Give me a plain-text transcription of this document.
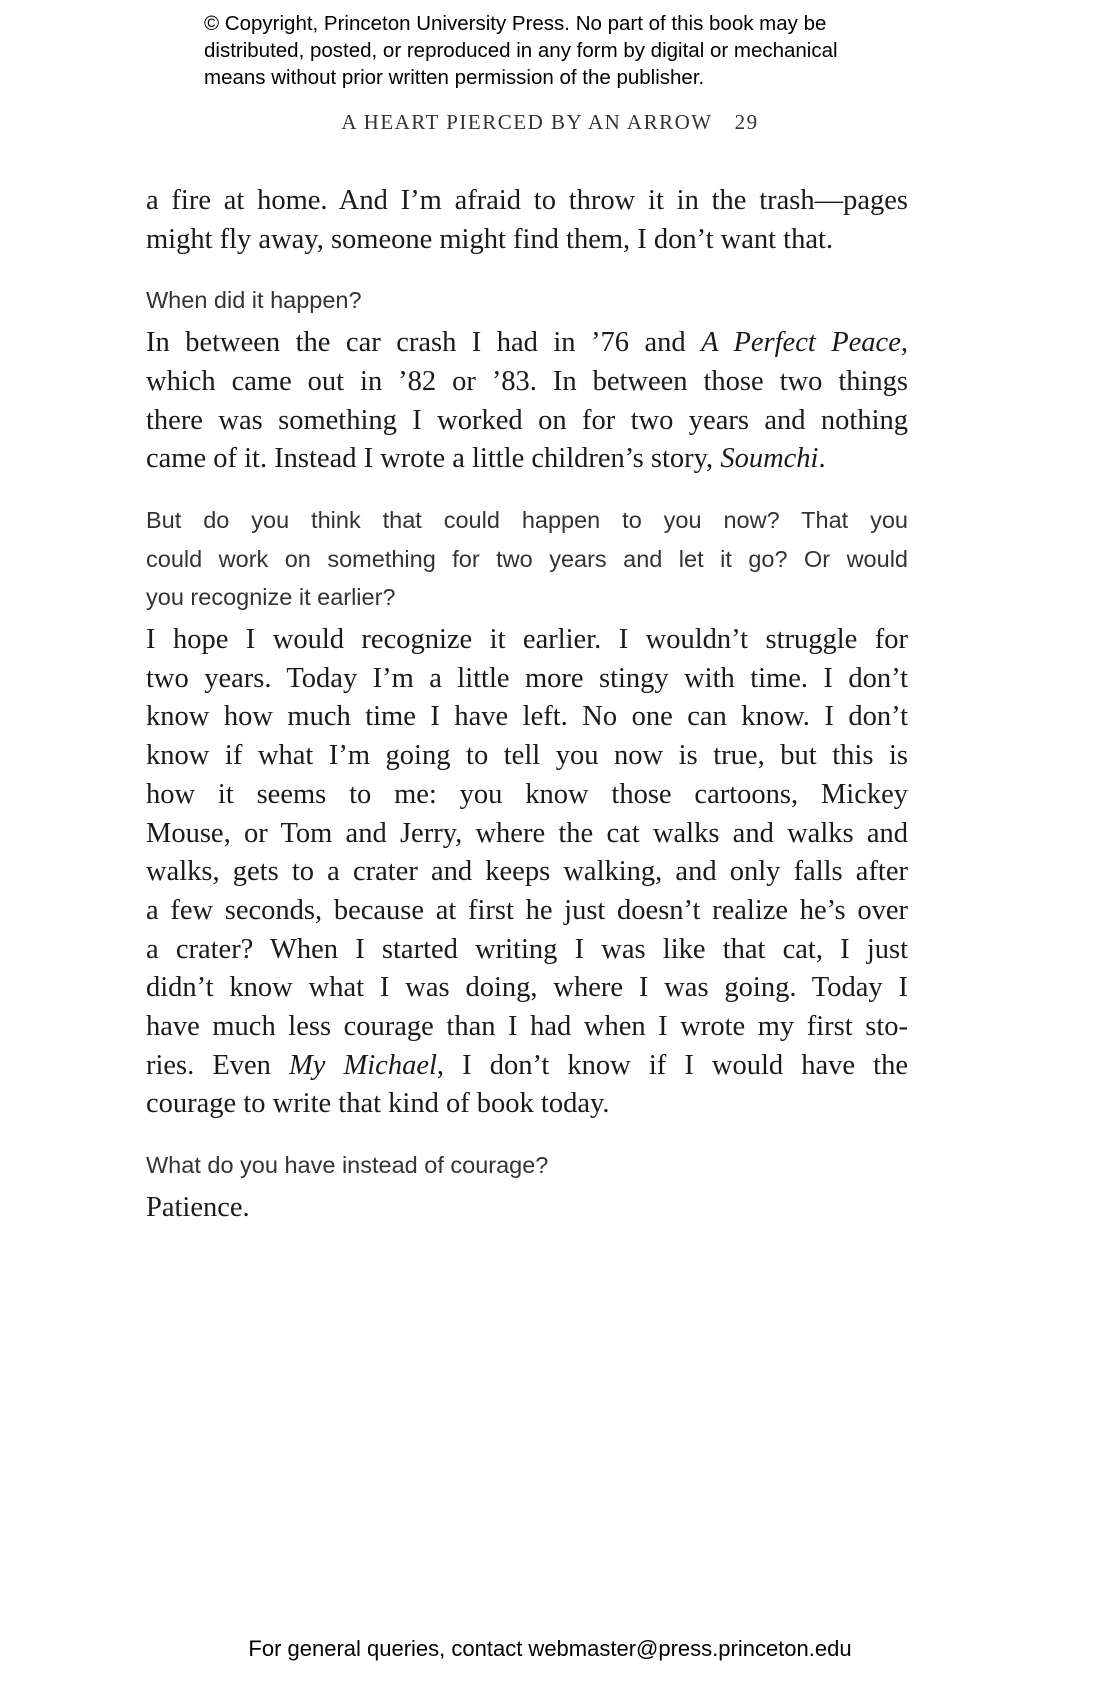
© Copyright, Princeton University Press. No part of this book may be
distributed, posted, or reproduced in any form by digital or mechanical
means without prior written permission of the publisher.
A HEART PIERCED BY AN ARROW 29
a fire at home. And I’m afraid to throw it in the trash—pages
might fly away, someone might find them, I don’t want that.
When did it happen?
In between the car crash I had in ’76 and A Perfect Peace,
which came out in ’82 or ’83. In between those two things
there was something I worked on for two years and nothing
came of it. Instead I wrote a little children’s story, Soumchi.
But do you think that could happen to you now? That you
could work on something for two years and let it go? Or would
you recognize it earlier?
I hope I would recognize it earlier. I wouldn’t struggle for
two years. Today I’m a little more stingy with time. I don’t
know how much time I have left. No one can know. I don’t
know if what I’m going to tell you now is true, but this is
how it seems to me: you know those cartoons, Mickey
Mouse, or Tom and Jerry, where the cat walks and walks and
walks, gets to a crater and keeps walking, and only falls after
a few seconds, because at first he just doesn’t realize he’s over
a crater? When I started writing I was like that cat, I just
didn’t know what I was doing, where I was going. Today I
have much less courage than I had when I wrote my first sto-
ries. Even My Michael, I don’t know if I would have the
courage to write that kind of book today.
What do you have instead of courage?
Patience.
For general queries, contact webmaster@press.princeton.edu
